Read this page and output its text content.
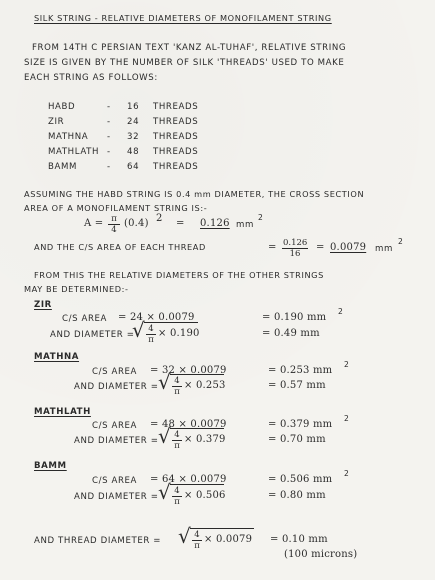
SILK STRING - RELATIVE DIAMETERS OF MONOFILAMENT STRING
FROM 14TH C PERSIAN TEXT 'KANZ AL-TUHAF', RELATIVE STRING
SIZE IS GIVEN BY THE NUMBER OF SILK 'THREADS' USED TO MAKE
EACH STRING AS FOLLOWS:
HABD	- 16 THREADS
ZIR	- 24 THREADS
MATHNA - 32 THREADS
MATHLATH - 48 THREADS
BAMM	- 64 THREADS
ASSUMING THE HABD STRING IS 0.4 mm DIAMETER, THE CROSS SECTION
AREA OF A MONOFILAMENT STRING IS:-
$A = \frac{\pi}{4} (0.4) 2 = 0.126$ mm
2
AND THE C/S AREA OF EACH THREAD	= $\frac{0.126}{16} = 0.0079$ mm
2
FROM THIS THE RELATIVE DIAMETERS OF THE OTHER STRINGS
MAY BE DETERMINED:-
ZIR
C/S AREA = 24 × 0.0079	= 0.190 mm
2
AND DIAMETER =
√ $\frac{4}{\pi} \times 0.190$	= 0.49 mm
MATHNA
C/S AREA = 32 × 0.0079	= 0.253 mm
2
AND DIAMETER = √ $\frac{4}{\pi} \times 0.253$	= 0.57 mm
MATHLATH
C/S AREA = 48 × 0.0079	= 0.379 mm
2
AND DIAMETER = √ $\frac{4}{\pi} \times 0.379$	= 0.70 mm
BAMM
C/S AREA = 64 × 0.0079	= 0.506 mm
2
AND DIAMETER = √ $\frac{4}{\pi} \times 0.506$	= 0.80 mm
AND THREAD DIAMETER = √ $\frac{4}{\pi} \times 0.0079 = 0.10$ mm
(100 microns)
